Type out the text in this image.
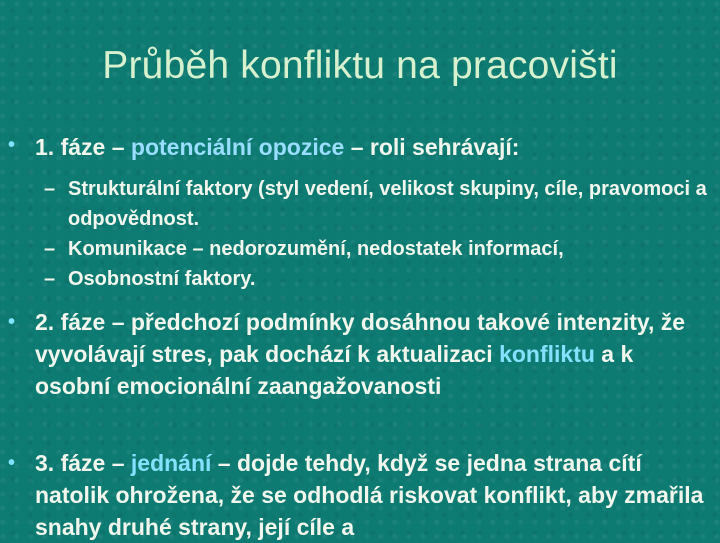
Průběh konfliktu na pracovišti
• 1. fáze – potenciální opozice – roli sehrávají:
– Strukturální faktory (styl vedení, velikost skupiny, cíle, pravomoci a odpovědnost.
– Komunikace – nedorozumění, nedostatek informací,
– Osobnostní faktory.
• 2. fáze – předchozí podmínky dosáhnou takové intenzity, že vyvolávají stres, pak dochází k aktualizaci konfliktu a k osobní emocionální zaangažovanosti
• 3. fáze – jednání – dojde tehdy, když se jedna strana cítí natolik ohrožena, že se odhodlá riskovat konflikt, aby zmařila snahy druhé strany, její cíle a
